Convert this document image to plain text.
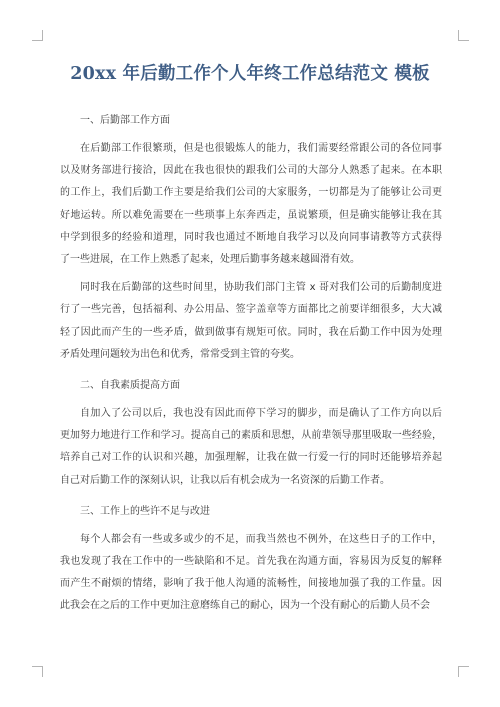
20xx 年后勤工作个人年终工作总结范文 模板
一、后勤部工作方面

在后勤部工作很繁琐，但是也很锻炼人的能力，我们需要经常跟公司的各位同事
以及财务部进行接洽，因此在我也很快的跟我们公司的大部分人熟悉了起来。在本职
的工作上，我们后勤工作主要是给我们公司的大家服务，一切都是为了能够让公司更
好地运转。所以难免需要在一些琐事上东奔西走，虽说繁琐，但是确实能够让我在其
中学到很多的经验和道理，同时我也通过不断地自我学习以及向同事请教等方式获得
了一些进展，在工作上熟悉了起来，处理后勤事务越来越圆滑有效。

同时我在后勤部的这些时间里，协助我们部门主管 x 哥对我们公司的后勤制度进
行了一些完善，包括福利、办公用品、签字盖章等方面都比之前要详细很多，大大减
轻了因此而产生的一些矛盾，做到做事有规矩可依。同时，我在后勤工作中因为处理
矛盾处理问题较为出色和优秀，常常受到主管的夸奖。

二、自我素质提高方面

自加入了公司以后，我也没有因此而停下学习的脚步，而是确认了工作方向以后
更加努力地进行工作和学习。提高自己的素质和思想，从前辈领导那里吸取一些经验，
培养自己对工作的认识和兴趣，加强理解，让我在做一行爱一行的同时还能够培养起
自己对后勤工作的深刻认识，让我以后有机会成为一名资深的后勤工作者。

三、工作上的些许不足与改进

每个人都会有一些或多或少的不足，而我当然也不例外，在这些日子的工作中，
我也发现了我在工作中的一些缺陷和不足。首先我在沟通方面，容易因为反复的解释
而产生不耐烦的情绪，影响了我于他人沟通的流畅性，间接地加强了我的工作量。因
此我会在之后的工作中更加注意磨练自己的耐心，因为一个没有耐心的后勤人员不会
